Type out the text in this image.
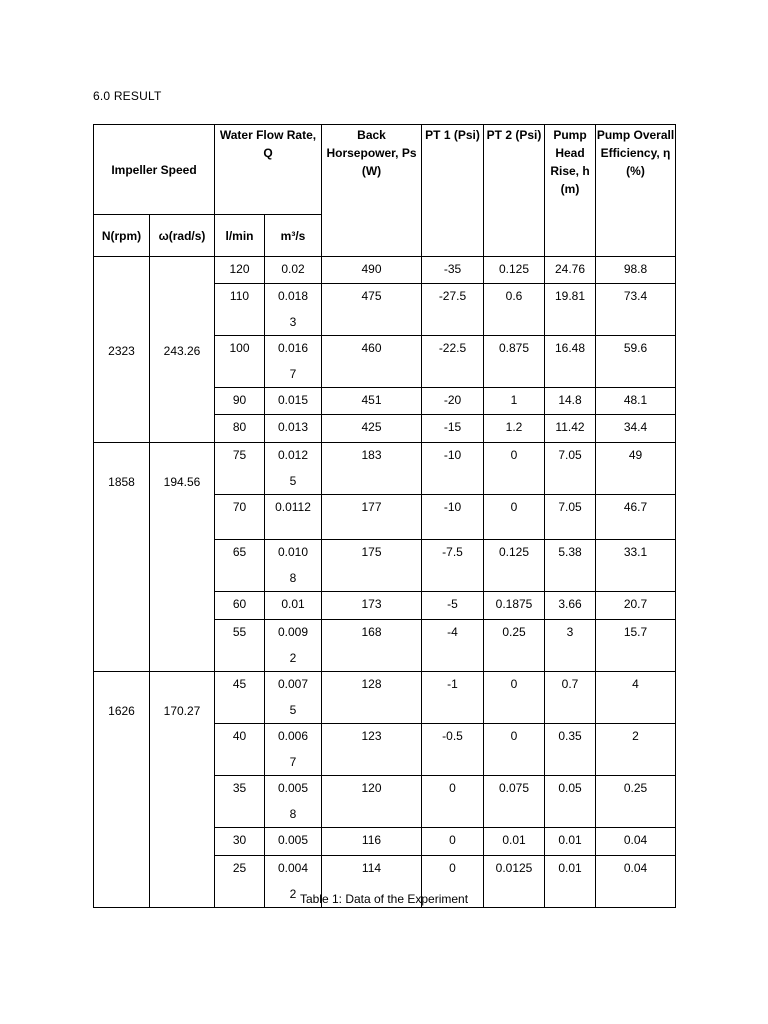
6.0 RESULT
Impeller Speed		Water Flow Rate, Q		Back Horsepower, Ps (W)	PT 1 (Psi)	PT 2 (Psi)	Pump Head Rise, h (m)	Pump Overall Efficiency, η (%)

N(rpm)	ω(rad/s)	l/min	m³/s					

2323	243.26	120	0.02	490	-35	0.125	24.76	98.8

		110	0.0183	475	-27.5	0.6	19.81	73.4

		100	0.0167	460	-22.5	0.875	16.48	59.6

		90	0.015	451	-20	1	14.8	48.1

		80	0.013	425	-15	1.2	11.42	34.4

1858	194.56	75	0.0125	183	-10	0	7.05	49

		70	0.0112	177	-10	0	7.05	46.7

		65	0.0108	175	-7.5	0.125	5.38	33.1

		60	0.01	173	-5	0.1875	3.66	20.7

		55	0.0092	168	-4	0.25	3	15.7

1626	170.27	45	0.0075	128	-1	0	0.7	4

		40	0.0067	123	-0.5	0	0.35	2

		35	0.0058	120	0	0.075	0.05	0.25

		30	0.005	116	0	0.01	0.01	0.04

		25	0.0042	114	0	0.0125	0.01	0.04
Table 1: Data of the Experiment
